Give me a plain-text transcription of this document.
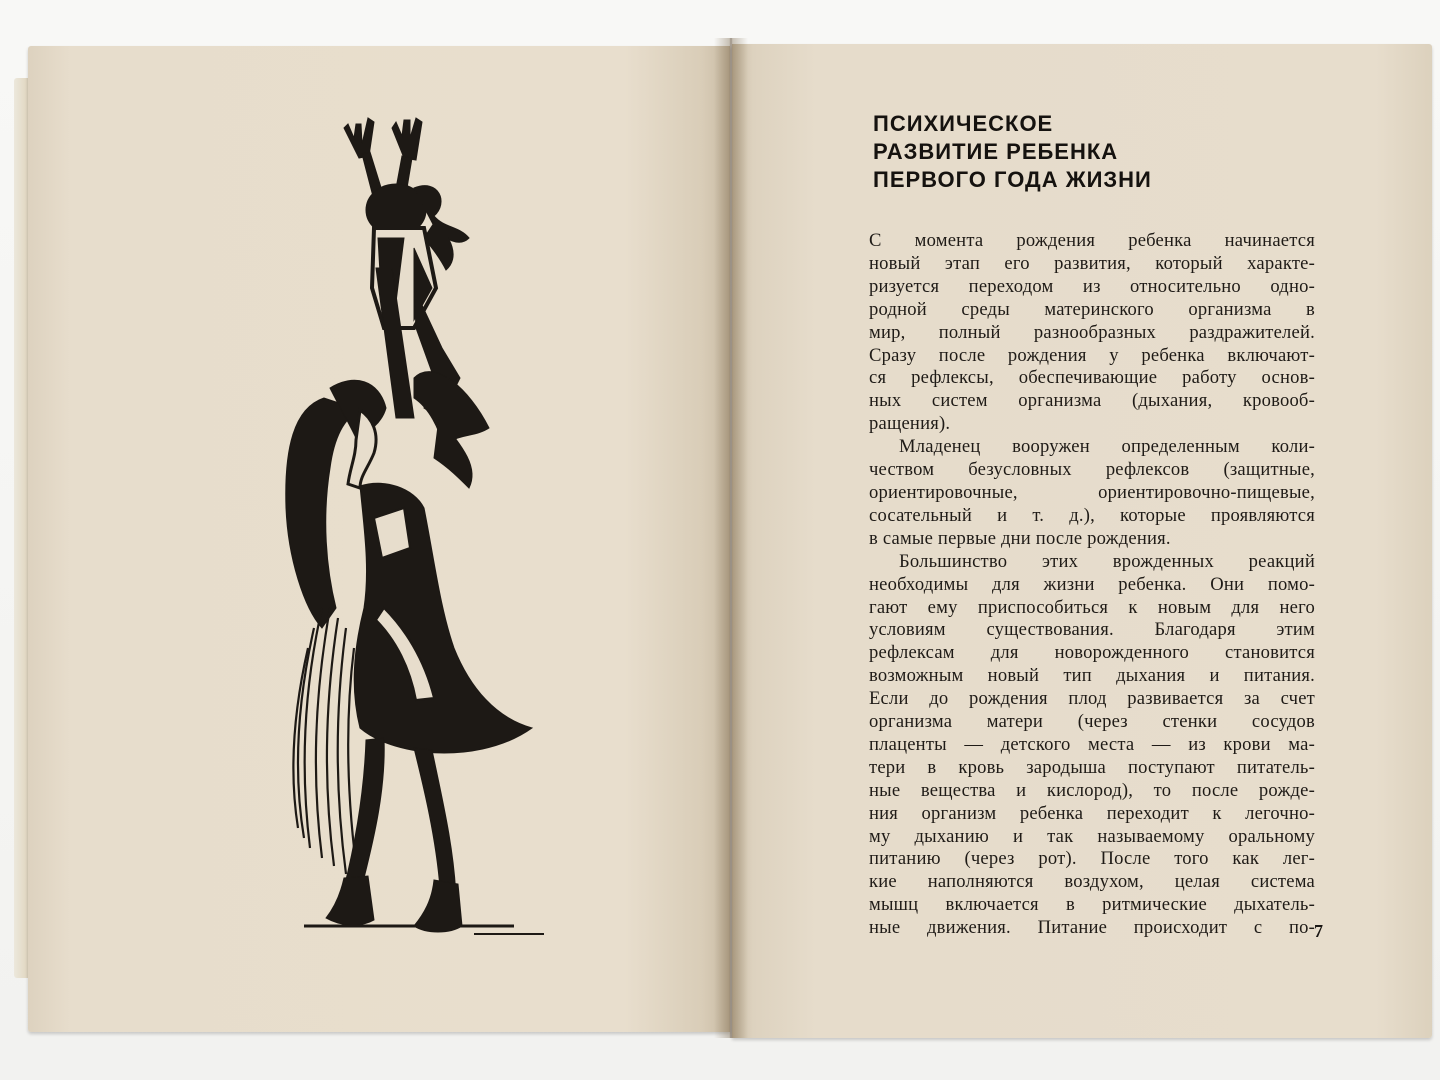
7
ПСИХИЧЕСКОЕ
РАЗВИТИЕ РЕБЕНКА
ПЕРВОГО ГОДА ЖИЗНИ
С момента рождения ребенка начинается
новый этап его развития, который характе-
ризуется переходом из относительно одно-
родной среды материнского организма в
мир, полный разнообразных раздражителей.
Сразу после рождения у ребенка включают-
ся рефлексы, обеспечивающие работу основ-
ных систем организма (дыхания, кровооб-
ращения).
Младенец вооружен определенным коли-
чеством безусловных рефлексов (защитные,
ориентировочные, ориентировочно-пищевые,
сосательный и т. д.), которые проявляются
в самые первые дни после рождения.
Большинство этих врожденных реакций
необходимы для жизни ребенка. Они помо-
гают ему приспособиться к новым для него
условиям существования. Благодаря этим
рефлексам для новорожденного становится
возможным новый тип дыхания и питания.
Если до рождения плод развивается за счет
организма матери (через стенки сосудов
плаценты — детского места — из крови ма-
тери в кровь зародыша поступают питатель-
ные вещества и кислород), то после рожде-
ния организм ребенка переходит к легочно-
му дыханию и так называемому оральному
питанию (через рот). После того как лег-
кие наполняются воздухом, целая система
мышц включается в ритмические дыхатель-
ные движения. Питание происходит с по-
